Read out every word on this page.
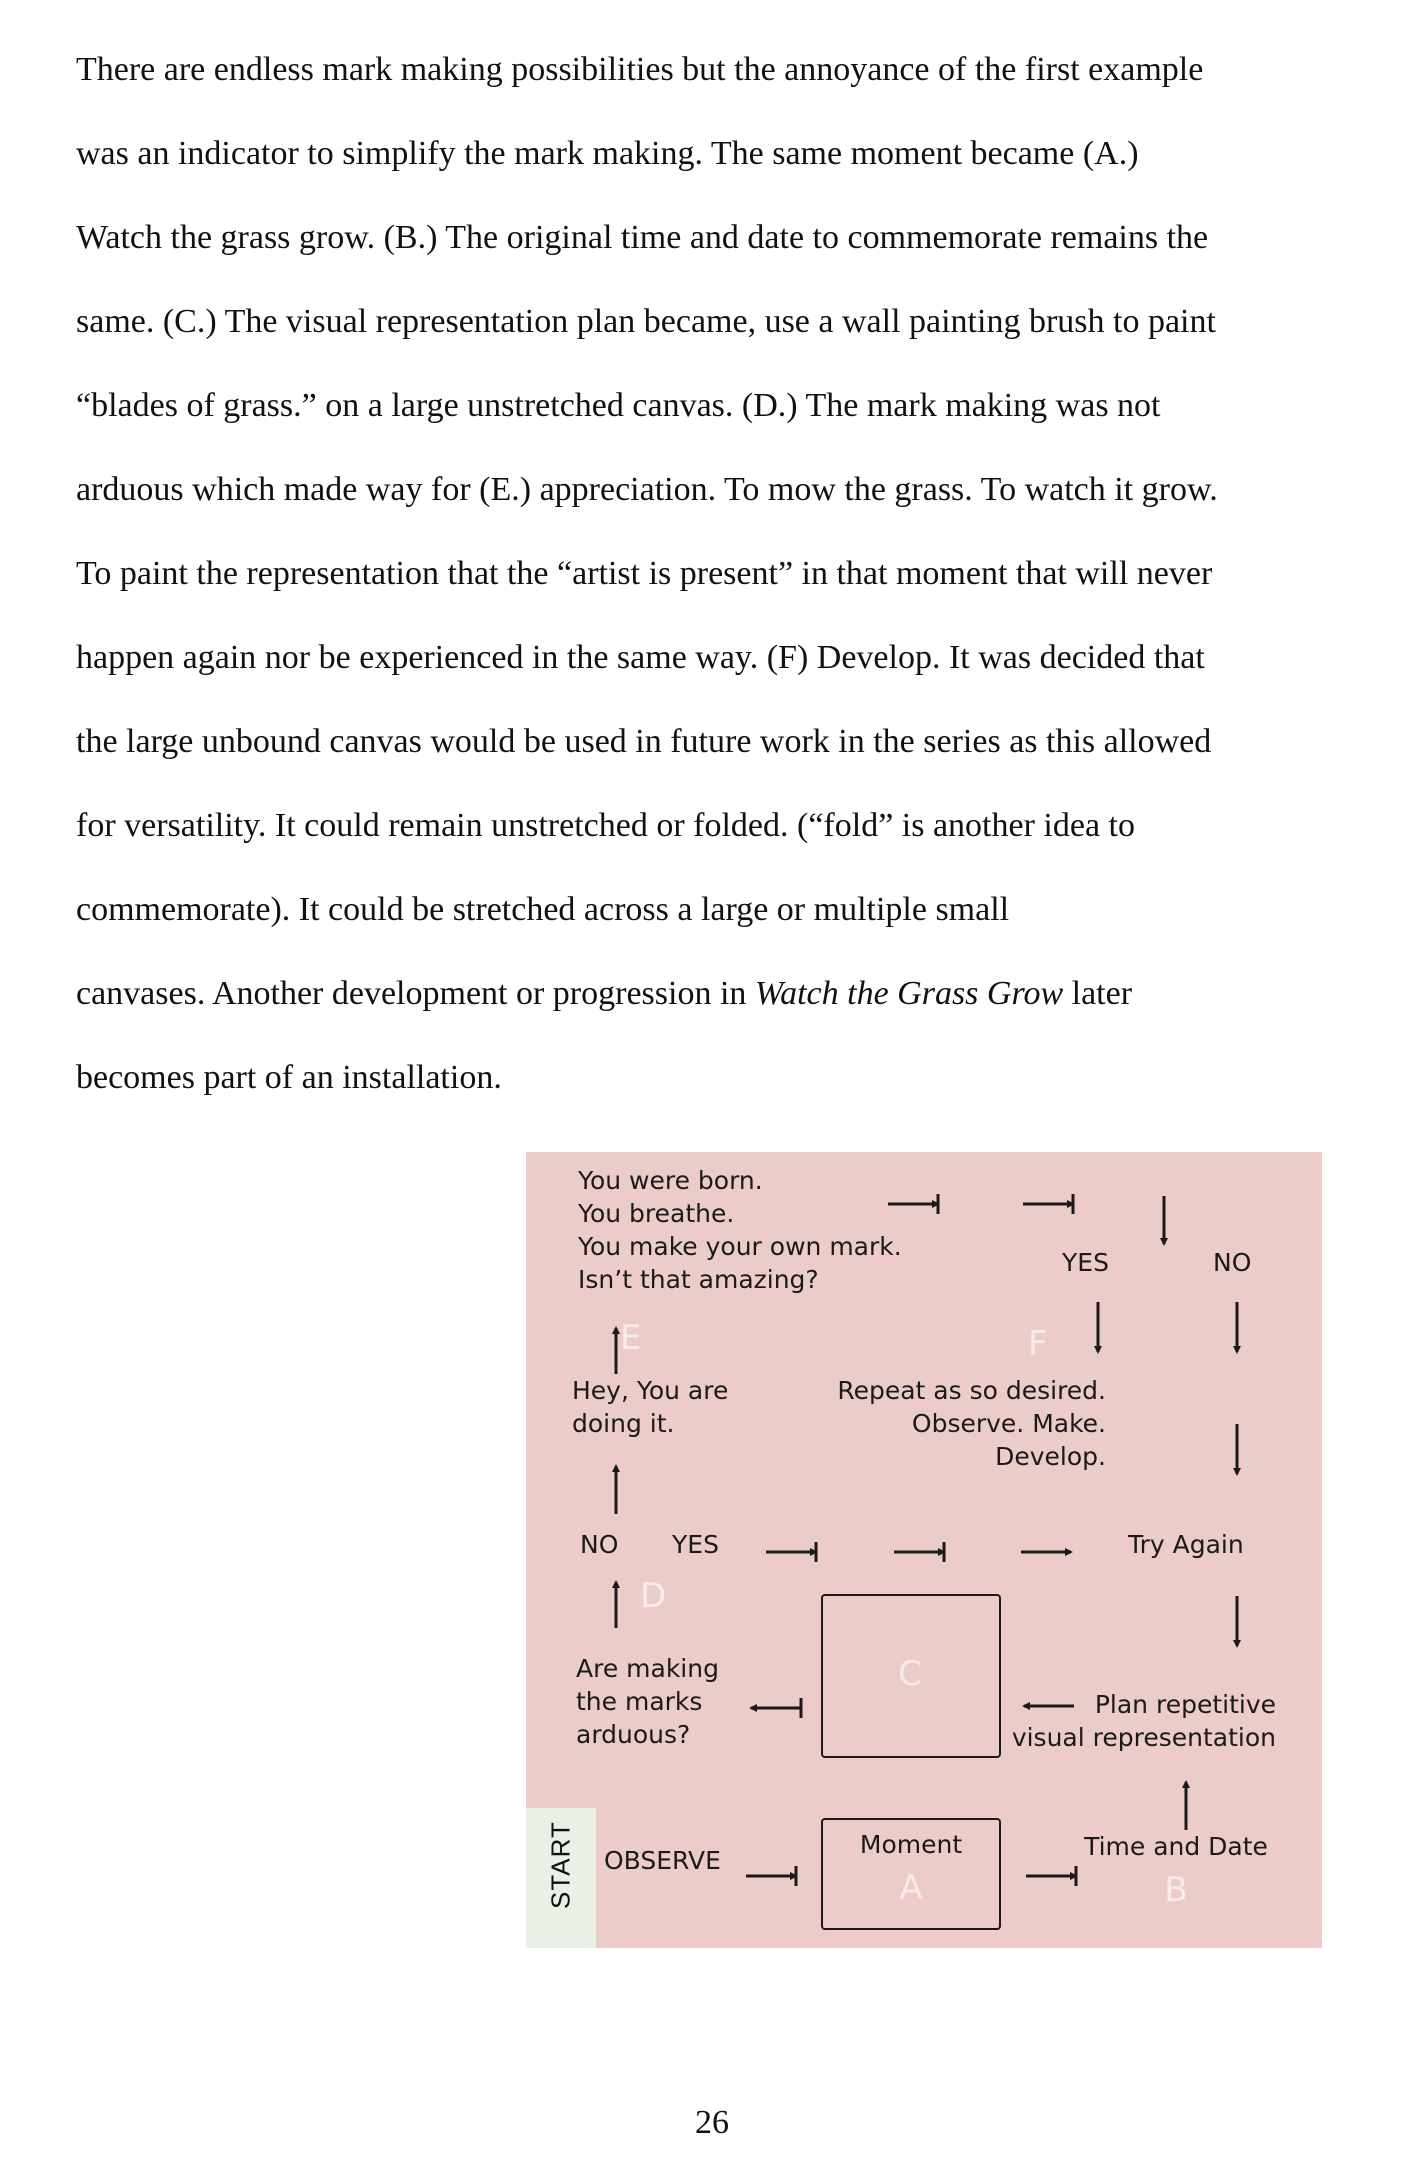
There are endless mark making possibilities but the annoyance of the first example
was an indicator to simplify the mark making. The same moment became (A.)
Watch the grass grow. (B.) The original time and date to commemorate remains the
same. (C.) The visual representation plan became, use a wall painting brush to paint
“blades of grass.” on a large unstretched canvas. (D.) The mark making was not
arduous which made way for (E.) appreciation. To mow the grass. To watch it grow.
To paint the representation that the “artist is present” in that moment that will never
happen again nor be experienced in the same way. (F) Develop. It was decided that
the large unbound canvas would be used in future work in the series as this allowed
for versatility. It could remain unstretched or folded. (“fold” is another idea to
commemorate). It could be stretched across a large or multiple small
canvases. Another development or progression in Watch the Grass Grow later
becomes part of an installation.
You were born.
You breathe.
You make your own mark.
Isn’t that amazing?
YES	NO
E	F
Hey, You are
doing it.
Repeat as so desired.
Observe. Make.
Develop.
NO YES	Try Again
D
Are making
the marks
arduous?
C
Plan repetitive
visual representation
OBSERVE
Moment
A
Time and Date
B
START
26
